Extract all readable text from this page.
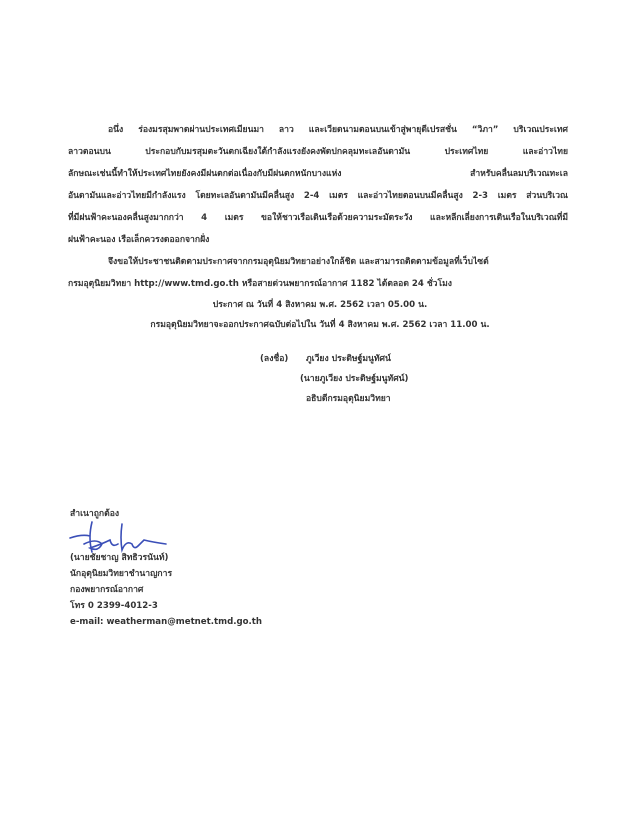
อนึ่ง ร่องมรสุมพาดผ่านประเทศเมียนมา ลาว และเวียดนามตอนบนเข้าสู่พายุดีเปรสชั่น “วิภา” บริเวณประเทศ
ลาวตอนบน ประกอบกับมรสุมตะวันตกเฉียงใต้กำลังแรงยังคงพัดปกคลุมทะเลอันดามัน ประเทศไทย และอ่าวไทย
ลักษณะเช่นนี้ทำให้ประเทศไทยยังคงมีฝนตกต่อเนื่องกับมีฝนตกหนักบางแห่ง สำหรับคลื่นลมบริเวณทะเล
อันดามันและอ่าวไทยมีกำลังแรง โดยทะเลอันดามันมีคลื่นสูง 2-4 เมตร และอ่าวไทยตอนบนมีคลื่นสูง 2-3 เมตร ส่วนบริเวณ
ที่มีฝนฟ้าคะนองคลื่นสูงมากกว่า 4 เมตร ขอให้ชาวเรือเดินเรือด้วยความระมัดระวัง และหลีกเลี่ยงการเดินเรือในบริเวณที่มี
ฝนฟ้าคะนอง เรือเล็กควรงดออกจากฝั่ง
จึงขอให้ประชาชนติดตามประกาศจากกรมอุตุนิยมวิทยาอย่างใกล้ชิด และสามารถติดตามข้อมูลที่เว็บไซต์
กรมอุตุนิยมวิทยา http://www.tmd.go.th หรือสายด่วนพยากรณ์อากาศ 1182 ได้ตลอด 24 ชั่วโมง
ประกาศ ณ วันที่ 4 สิงหาคม พ.ศ. 2562 เวลา 05.00 น.
กรมอุตุนิยมวิทยาจะออกประกาศฉบับต่อไปใน วันที่ 4 สิงหาคม พ.ศ. 2562 เวลา 11.00 น.
(ลงชื่อ) ภูเวียง ประดิษฐ์มนูทัศน์
(นายภูเวียง ประดิษฐ์มนูทัศน์)
อธิบดีกรมอุตุนิยมวิทยา
สำเนาถูกต้อง
(นายชัยชาญ สิทธิวรนันท์)
นักอุตุนิยมวิทยาชำนาญการ
กองพยากรณ์อากาศ
โทร 0 2399-4012-3
e-mail: weatherman@metnet.tmd.go.th
